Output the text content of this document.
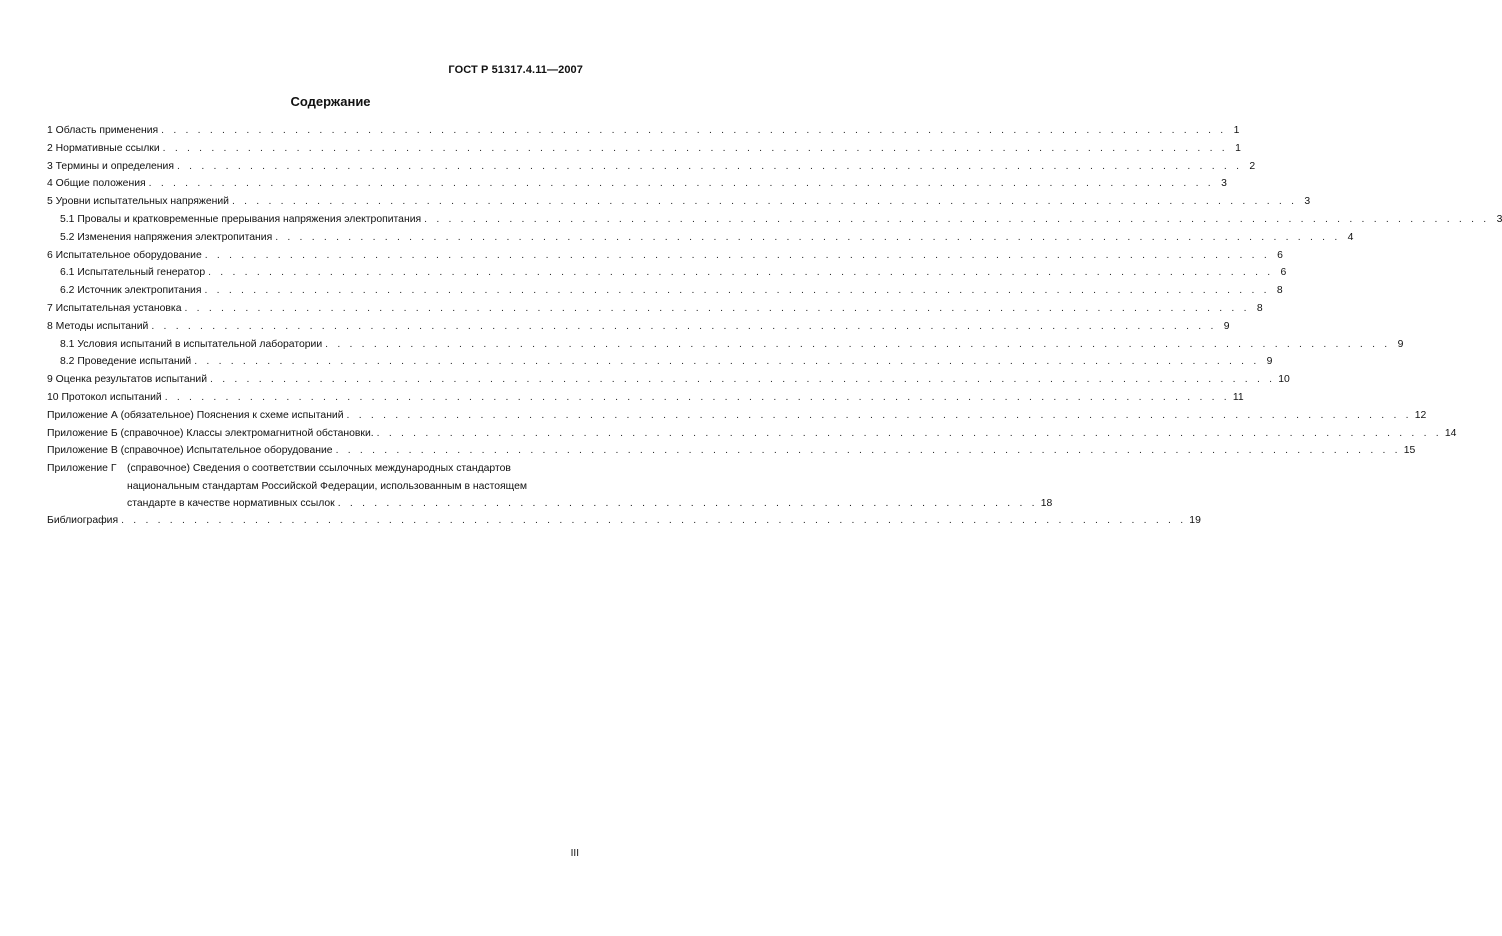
ГОСТ Р 51317.4.11—2007
Содержание
1 Область применения . . .	1
2 Нормативные ссылки . . .	1
3 Термины и определения . . .	2
4 Общие положения . . .	3
5 Уровни испытательных напряжений . . .	3
5.1 Провалы и кратковременные прерывания напряжения электропитания . . .	3
5.2 Изменения напряжения электропитания . . .	4
6 Испытательное оборудование . . .	6
6.1 Испытательный генератор . . .	6
6.2 Источник электропитания . . .	8
7 Испытательная установка . . .	8
8 Методы испытаний . . .	9
8.1 Условия испытаний в испытательной лаборатории . . .	9
8.2 Проведение испытаний . . .	9
9 Оценка результатов испытаний . . .	10
10 Протокол испытаний . . .	11
Приложение А (обязательное) Пояснения к схеме испытаний . . .	12
Приложение Б (справочное) Классы электромагнитной обстановки. . . .	14
Приложение В (справочное) Испытательное оборудование . . .	15
Приложение Г	(справочное) Сведения о соответствии ссылочных международных стандартов
национальным стандартам Российской Федерации, использованным в настоящем
стандарте в качестве нормативных ссылок . . .	18
Библиография . . .	19
III
